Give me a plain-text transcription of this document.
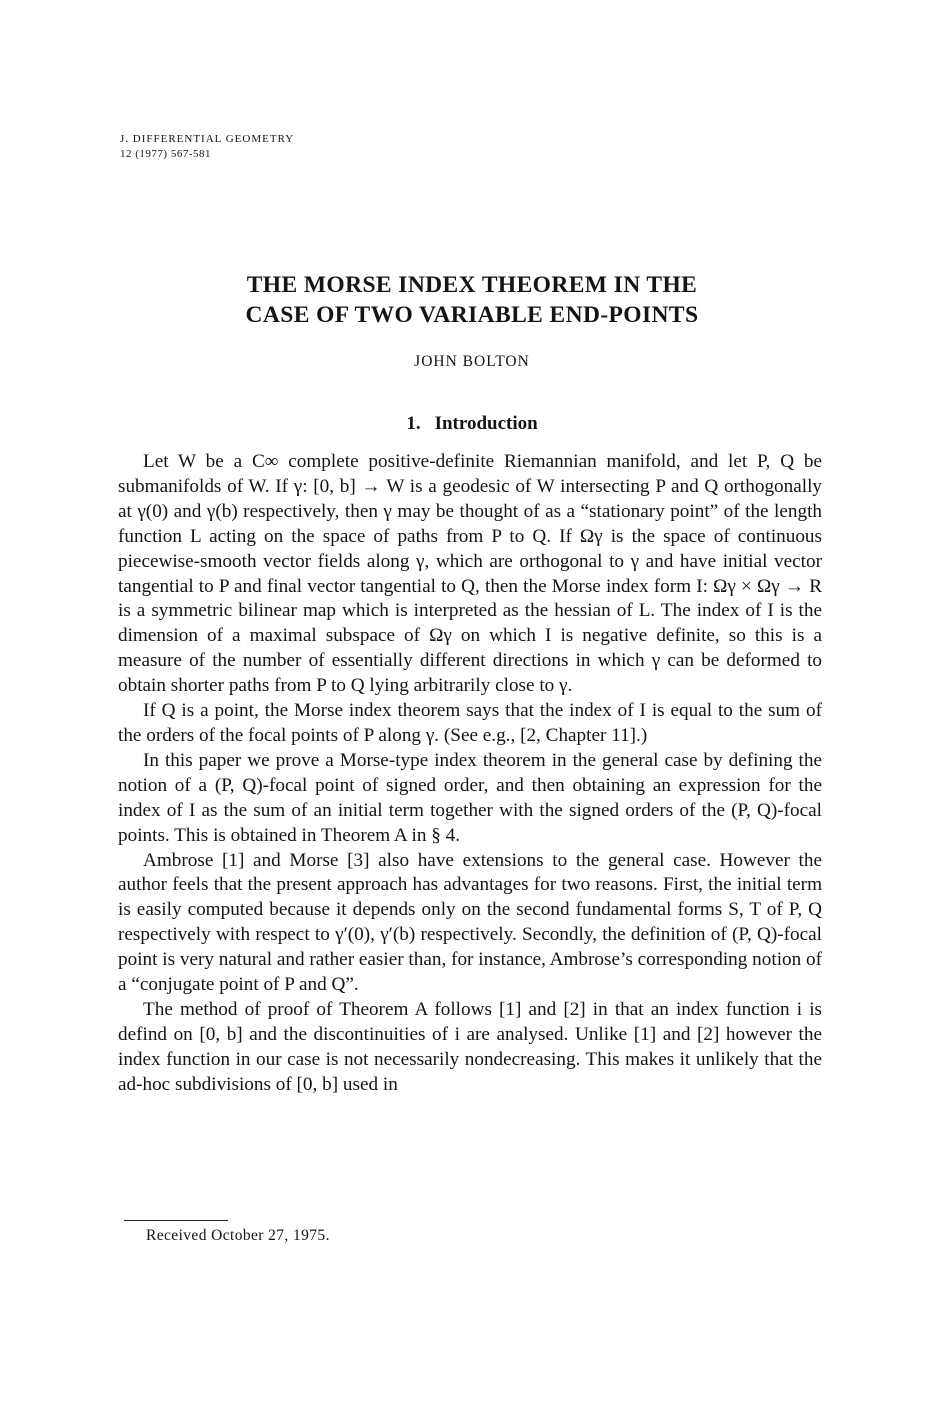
J. DIFFERENTIAL GEOMETRY
12 (1977) 567-581
THE MORSE INDEX THEOREM IN THE
CASE OF TWO VARIABLE END-POINTS
JOHN BOLTON
1. Introduction

Let W be a C∞ complete positive-definite Riemannian manifold, and let P, Q be submanifolds of W. If γ: [0, b] → W is a geodesic of W intersecting P and Q orthogonally at γ(0) and γ(b) respectively, then γ may be thought of as a “stationary point” of the length function L acting on the space of paths from P to Q. If Ωγ is the space of continuous piecewise-smooth vector fields along γ, which are orthogonal to γ and have initial vector tangential to P and final vector tangential to Q, then the Morse index form I: Ωγ × Ωγ → R is a symmetric bilinear map which is interpreted as the hessian of L. The index of I is the dimension of a maximal subspace of Ωγ on which I is negative definite, so this is a measure of the number of essentially different directions in which γ can be deformed to obtain shorter paths from P to Q lying arbitrarily close to γ.

If Q is a point, the Morse index theorem says that the index of I is equal to the sum of the orders of the focal points of P along γ. (See e.g., [2, Chapter 11].)

In this paper we prove a Morse-type index theorem in the general case by defining the notion of a (P, Q)-focal point of signed order, and then obtaining an expression for the index of I as the sum of an initial term together with the signed orders of the (P, Q)-focal points. This is obtained in Theorem A in § 4.

Ambrose [1] and Morse [3] also have extensions to the general case. However the author feels that the present approach has advantages for two reasons. First, the initial term is easily computed because it depends only on the second fundamental forms S, T of P, Q respectively with respect to γ′(0), γ′(b) respectively. Secondly, the definition of (P, Q)-focal point is very natural and rather easier than, for instance, Ambrose’s corresponding notion of a “conjugate point of P and Q”.

The method of proof of Theorem A follows [1] and [2] in that an index function i is defind on [0, b] and the discontinuities of i are analysed. Unlike [1] and [2] however the index function in our case is not necessarily nondecreasing. This makes it unlikely that the ad-hoc subdivisions of [0, b] used in

Received October 27, 1975.
